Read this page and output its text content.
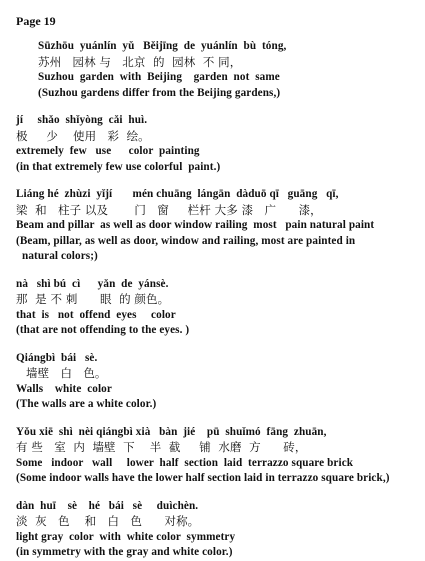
Page 19
Sūzhōu  yuánlín  yǔ   Běijīng  de  yuánlín  bù  tóng,
苏州   园林 与   北京  的  园林  不 同，
Suzhou  garden  with  Beijing    garden  not  same
(Suzhou gardens differ from the Beijing gardens,)
jí     shǎo  shǐyòng  cǎi  huì.
极     少    使用   彩  绘。
extremely  few   use      color  painting
(in that extremely few use colorful  paint.)
Liáng hé  zhùzi  yǐjí       mén chuāng  lángān  dàduō qī   guāng   qī,
梁  和   柱子 以及       门   窗     栏杆 大多 漆   广      漆，
Beam and pillar  as well as door window railing  most   pain natural paint
(Beam, pillar, as well as door, window and railing, most are painted in
natural colors;)
nà   shì bú  cì      yǎn  de  yánsè.
那  是 不 刺      眼  的 颜色。
that  is   not  offend  eyes     color
(that are not offending to the eyes. )
Qiángbì  bái   sè.
墙壁   白   色。
Walls    white  color
(The walls are a white color.)
Yǒu xiē  shì  nèi qiángbì xià   bàn  jié    pū  shuǐmó  fāng  zhuān,
有 些   室  内  墙壁  下    半  截     铺  水磨  方      砖，
Some   indoor   wall     lower  half  section  laid  terrazzo square brick
(Some indoor walls have the lower half section laid in terrazzo square brick,)
dàn  huī    sè    hé   bái   sè     duìchèn.
淡  灰   色    和   白   色      对称。
light gray  color  with  white color  symmetry
(in symmetry with the gray and white color.)
